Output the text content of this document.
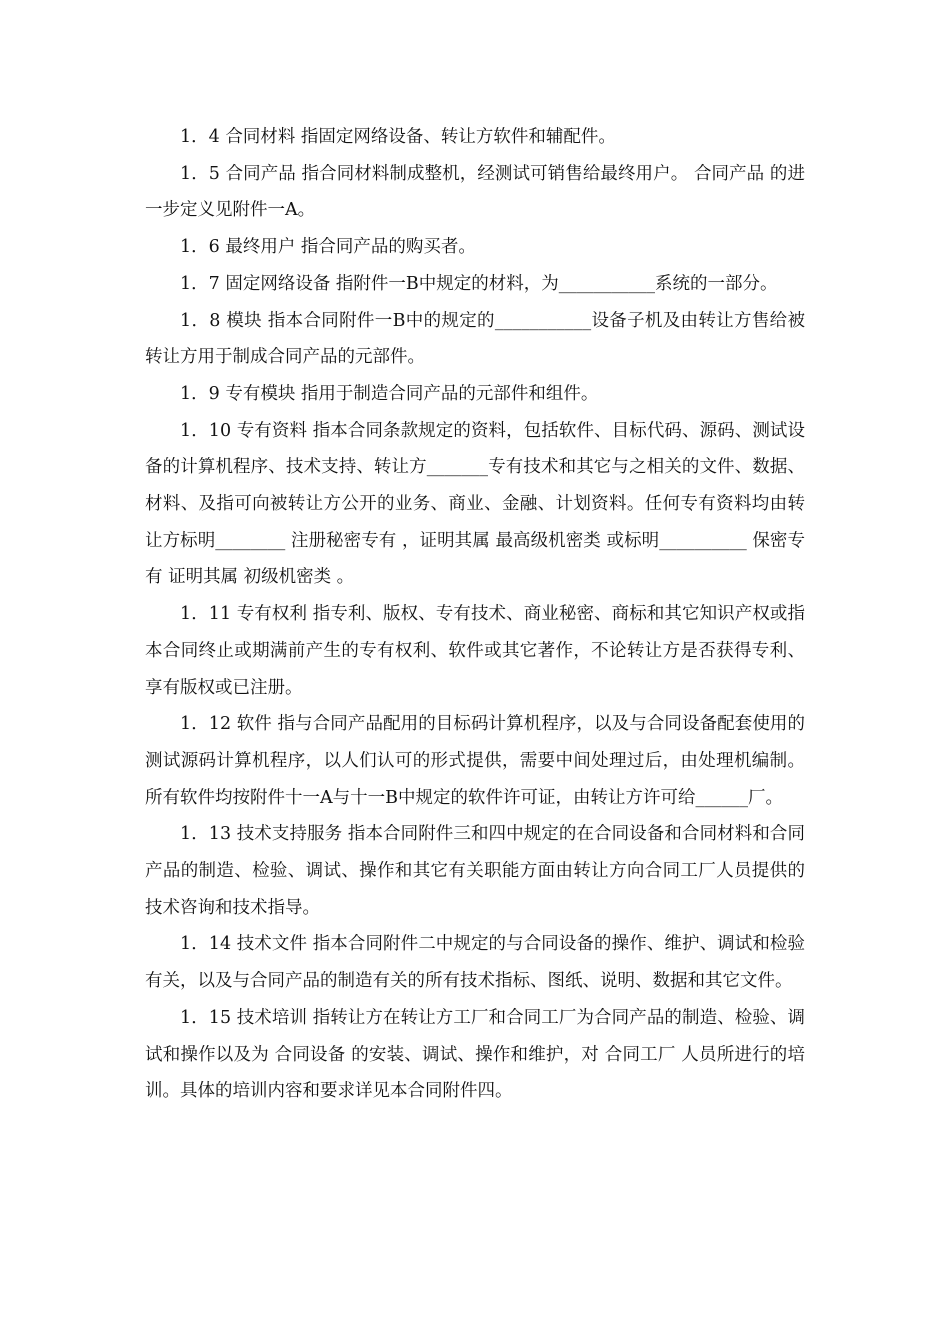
1．4 合同材料 指固定网络设备、转让方软件和辅配件。

1．5 合同产品 指合同材料制成整机，经测试可销售给最终用户。 合同产品 的进一步定义见附件一A。

1．6 最终用户 指合同产品的购买者。

1．7 固定网络设备 指附件一B中规定的材料，为___________系统的一部分。

1．8 模块 指本合同附件一B中的规定的___________设备子机及由转让方售给被转让方用于制成合同产品的元部件。

1．9 专有模块 指用于制造合同产品的元部件和组件。

1．10 专有资料 指本合同条款规定的资料，包括软件、目标代码、源码、测试设备的计算机程序、技术支持、转让方_______专有技术和其它与之相关的文件、数据、材料、及指可向被转让方公开的业务、商业、金融、计划资料。任何专有资料均由转让方标明________ 注册秘密专有 ，证明其属 最高级机密类 或标明__________ 保密专有 证明其属 初级机密类 。

1．11 专有权利 指专利、版权、专有技术、商业秘密、商标和其它知识产权或指本合同终止或期满前产生的专有权利、软件或其它著作，不论转让方是否获得专利、享有版权或已注册。

1．12 软件 指与合同产品配用的目标码计算机程序，以及与合同设备配套使用的测试源码计算机程序，以人们认可的形式提供，需要中间处理过后，由处理机编制。所有软件均按附件十一A与十一B中规定的软件许可证，由转让方许可给______厂。

1．13 技术支持服务 指本合同附件三和四中规定的在合同设备和合同材料和合同产品的制造、检验、调试、操作和其它有关职能方面由转让方向合同工厂人员提供的技术咨询和技术指导。

1．14 技术文件 指本合同附件二中规定的与合同设备的操作、维护、调试和检验有关，以及与合同产品的制造有关的所有技术指标、图纸、说明、数据和其它文件。

1．15 技术培训 指转让方在转让方工厂和合同工厂为合同产品的制造、检验、调试和操作以及为 合同设备 的安装、调试、操作和维护，对 合同工厂 人员所进行的培训。具体的培训内容和要求详见本合同附件四。
